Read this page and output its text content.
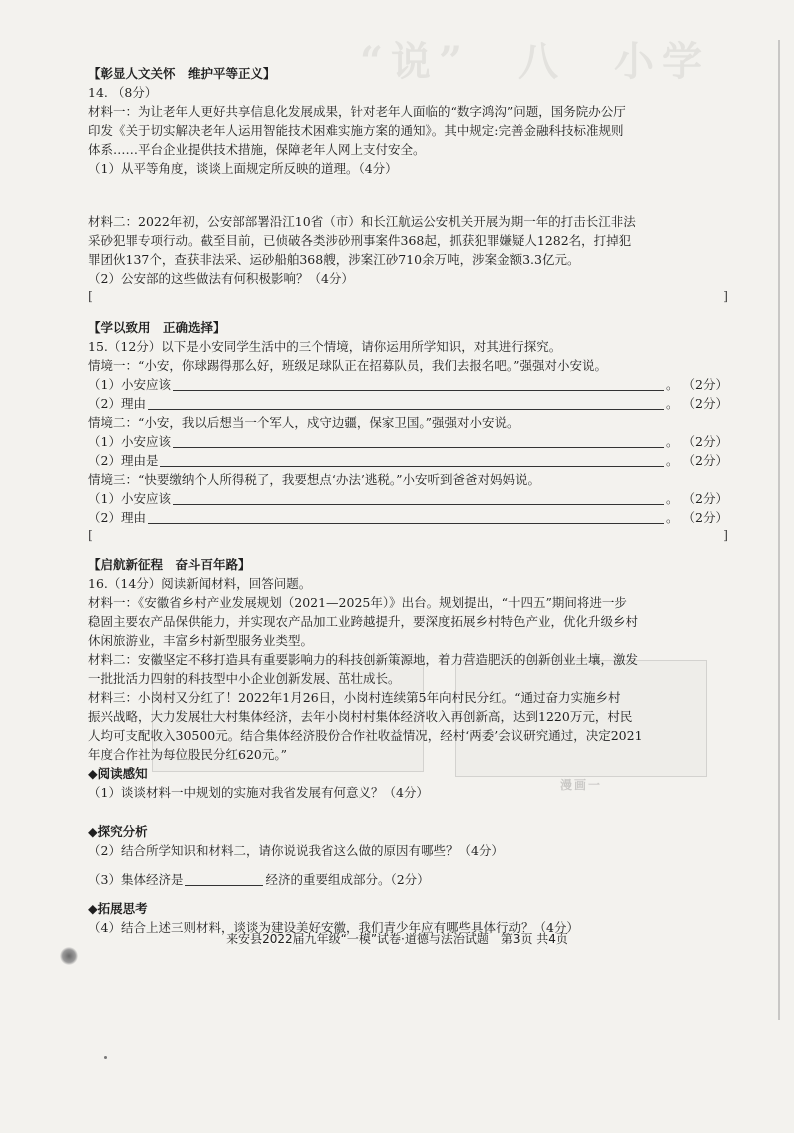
“说”　八　小学
漫画一
【彰显人文关怀　维护平等正义】

14. （8分）

材料一：为让老年人更好共享信息化发展成果，针对老年人面临的“数字鸿沟”问题，国务院办公厅

印发《关于切实解决老年人运用智能技术困难实施方案的通知》。其中规定:完善金融科技标准规则

体系……平台企业提供技术措施，保障老年人网上支付安全。

（1）从平等角度，谈谈上面规定所反映的道理。（4分）

材料二：2022年初，公安部部署沿江10省（市）和长江航运公安机关开展为期一年的打击长江非法

采砂犯罪专项行动。截至目前，已侦破各类涉砂刑事案件368起，抓获犯罪嫌疑人1282名，打掉犯

罪团伙137个，查获非法采、运砂船舶368艘，涉案江砂710余万吨，涉案金额3.3亿元。

（2）公安部的这些做法有何积极影响？（4分）

[	]
【学以致用　正确选择】

15.（12分）以下是小安同学生活中的三个情境，请你运用所学知识，对其进行探究。

情境一：“小安，你球踢得那么好，班级足球队正在招募队员，我们去报名吧。”强强对小安说。

（1）小安应该	。 （2分）
（2）理由	。 （2分）

情境二：“小安，我以后想当一个军人，戍守边疆，保家卫国。”强强对小安说。

（1）小安应该	。 （2分）
（2）理由是	。 （2分）

情境三：“快要缴纳个人所得税了，我要想点‘办法’逃税。”小安听到爸爸对妈妈说。

（1）小安应该	。 （2分）
（2）理由	。 （2分）
[	]
【启航新征程　奋斗百年路】

16.（14分）阅读新闻材料，回答问题。

材料一：《安徽省乡村产业发展规划（2021—2025年）》出台。规划提出，“十四五”期间将进一步

稳固主要农产品保供能力，并实现农产品加工业跨越提升，要深度拓展乡村特色产业，优化升级乡村

休闲旅游业，丰富乡村新型服务业类型。

材料二：安徽坚定不移打造具有重要影响力的科技创新策源地，着力营造肥沃的创新创业土壤，激发

一批批活力四射的科技型中小企业创新发展、茁壮成长。

材料三：小岗村又分红了！2022年1月26日，小岗村连续第5年向村民分红。“通过奋力实施乡村

振兴战略，大力发展壮大村集体经济，去年小岗村村集体经济收入再创新高，达到1220万元，村民

人均可支配收入30500元。结合集体经济股份合作社收益情况，经村‘两委’会议研究通过，决定2021

年度合作社为每位股民分红620元。”

◆阅读感知

（1）谈谈材料一中规划的实施对我省发展有何意义？（4分）

◆探究分析

（2）结合所学知识和材料二，请你说说我省这么做的原因有哪些？（4分）

（3）集体经济是	经济的重要组成部分。（2分）

◆拓展思考

（4）结合上述三则材料，谈谈为建设美好安徽，我们青少年应有哪些具体行动？（4分）

来安县2022届九年级“一模”试卷·道德与法治试题　第3页 共4页
